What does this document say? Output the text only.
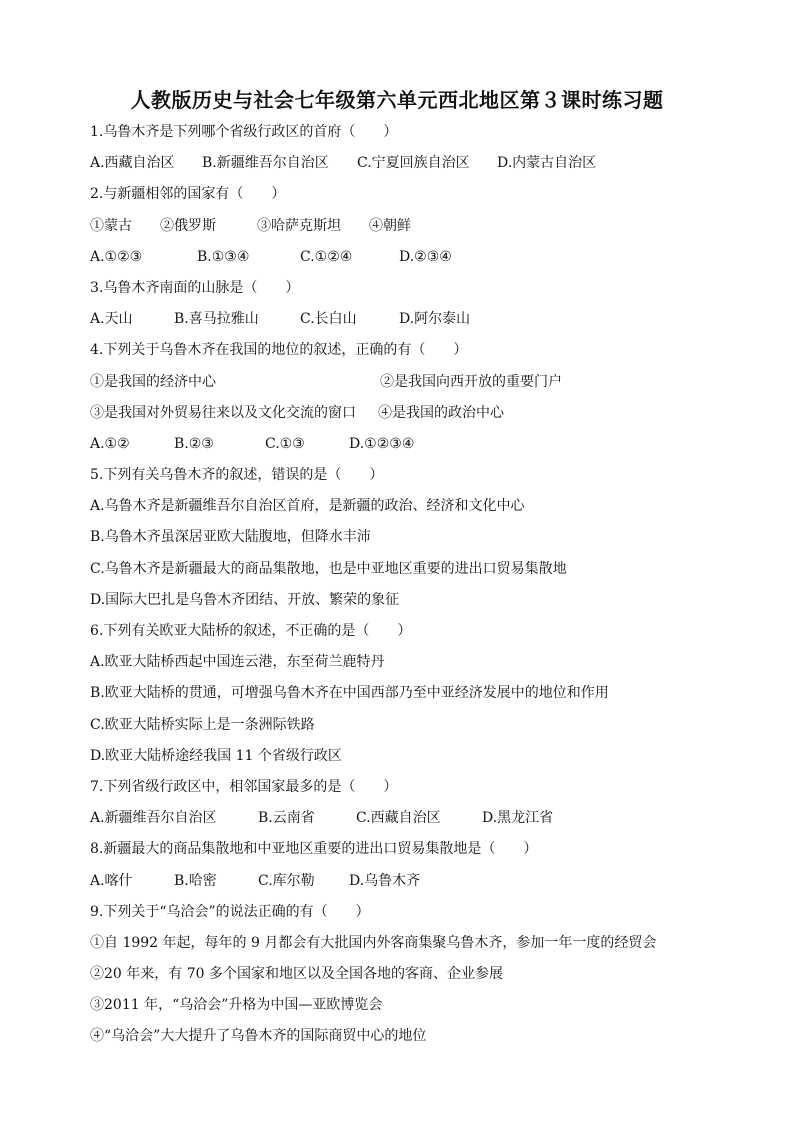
人教版历史与社会七年级第六单元西北地区第３课时练习题
1.乌鲁木齐是下列哪个省级行政区的首府（　　）
A.西藏自治区	B.新疆维吾尔自治区	C.宁夏回族自治区	D.内蒙古自治区
2.与新疆相邻的国家有（　　）
①蒙古	②俄罗斯	③哈萨克斯坦	④朝鲜
A.①②③	B.①③④	C.①②④	D.②③④
3.乌鲁木齐南面的山脉是（　　）
A.天山	B.喜马拉雅山	C.长白山	D.阿尔泰山
4.下列关于乌鲁木齐在我国的地位的叙述，正确的有（　　）
①是我国的经济中心	②是我国向西开放的重要门户
③是我国对外贸易往来以及文化交流的窗口	④是我国的政治中心
A.①②	B.②③	C.①③	D.①②③④
5.下列有关乌鲁木齐的叙述，错误的是（　　）
A.乌鲁木齐是新疆维吾尔自治区首府，是新疆的政治、经济和文化中心
B.乌鲁木齐虽深居亚欧大陆腹地，但降水丰沛
C.乌鲁木齐是新疆最大的商品集散地，也是中亚地区重要的进出口贸易集散地
D.国际大巴扎是乌鲁木齐团结、开放、繁荣的象征
6.下列有关欧亚大陆桥的叙述，不正确的是（　　）
A.欧亚大陆桥西起中国连云港，东至荷兰鹿特丹
B.欧亚大陆桥的贯通，可增强乌鲁木齐在中国西部乃至中亚经济发展中的地位和作用
C.欧亚大陆桥实际上是一条洲际铁路
D.欧亚大陆桥途经我国 11 个省级行政区
7.下列省级行政区中，相邻国家最多的是（　　）
A.新疆维吾尔自治区	B.云南省	C.西藏自治区	D.黑龙江省
8.新疆最大的商品集散地和中亚地区重要的进出口贸易集散地是（　　）
A.喀什	B.哈密	C.库尔勒	D.乌鲁木齐
9.下列关于“乌洽会”的说法正确的有（　　）
①自 1992 年起，每年的 9 月都会有大批国内外客商集聚乌鲁木齐，参加一年一度的经贸会
②20 年来，有 70 多个国家和地区以及全国各地的客商、企业参展
③2011 年，“乌洽会”升格为中国—亚欧博览会
④“乌洽会”大大提升了乌鲁木齐的国际商贸中心的地位
